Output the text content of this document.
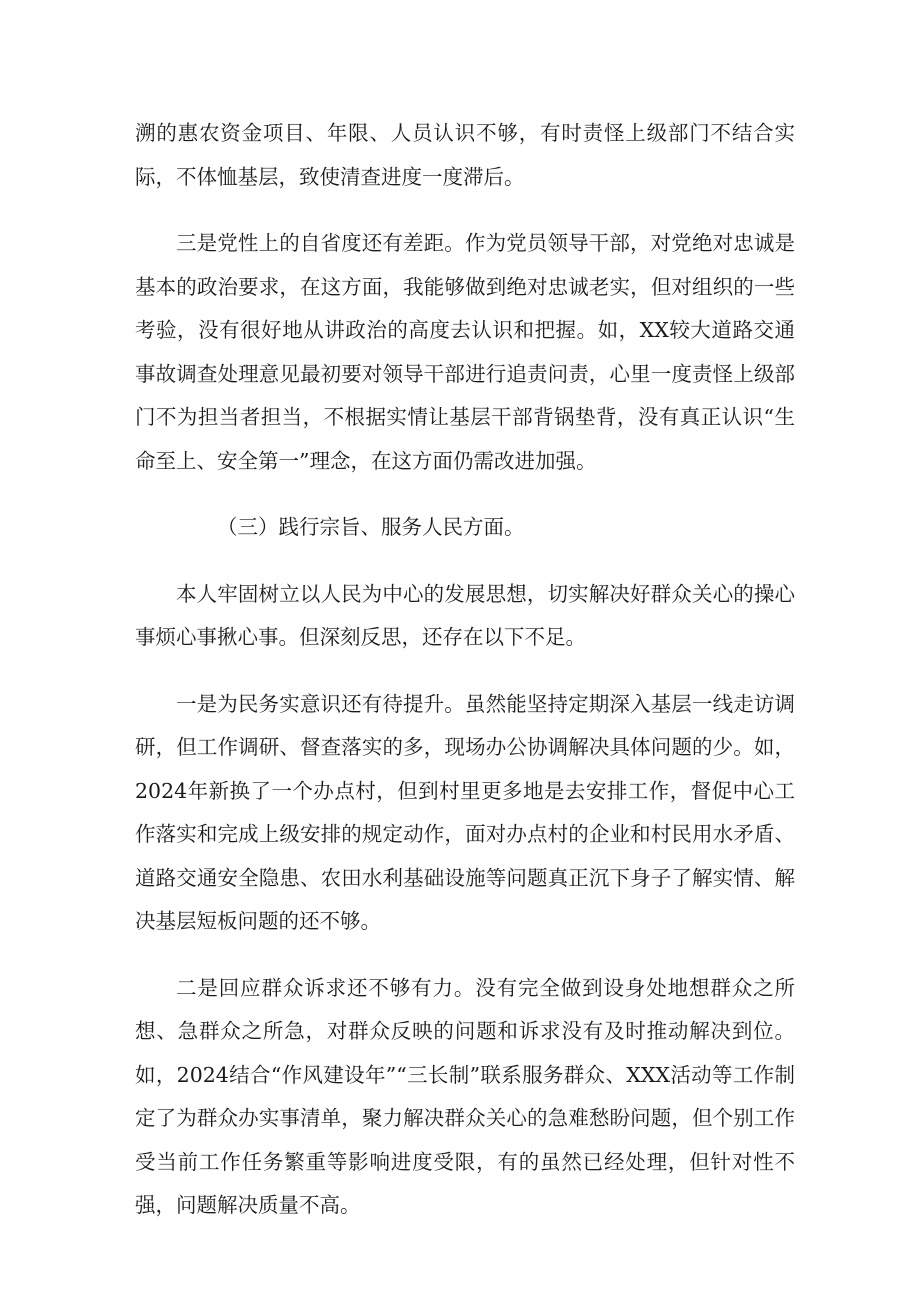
溯的惠农资金项目、年限、人员认识不够，有时责怪上级部门不结合实际，不体恤基层，致使清查进度一度滞后。

三是党性上的自省度还有差距。作为党员领导干部，对党绝对忠诚是基本的政治要求，在这方面，我能够做到绝对忠诚老实，但对组织的一些考验，没有很好地从讲政治的高度去认识和把握。如，XX较大道路交通事故调查处理意见最初要对领导干部进行追责问责，心里一度责怪上级部门不为担当者担当，不根据实情让基层干部背锅垫背，没有真正认识“生命至上、安全第一”理念，在这方面仍需改进加强。

（三）践行宗旨、服务人民方面。

本人牢固树立以人民为中心的发展思想，切实解决好群众关心的操心事烦心事揪心事。但深刻反思，还存在以下不足。

一是为民务实意识还有待提升。虽然能坚持定期深入基层一线走访调研，但工作调研、督查落实的多，现场办公协调解决具体问题的少。如，2024年新换了一个办点村，但到村里更多地是去安排工作，督促中心工作落实和完成上级安排的规定动作，面对办点村的企业和村民用水矛盾、道路交通安全隐患、农田水利基础设施等问题真正沉下身子了解实情、解决基层短板问题的还不够。

二是回应群众诉求还不够有力。没有完全做到设身处地想群众之所想、急群众之所急，对群众反映的问题和诉求没有及时推动解决到位。如，2024结合“作风建设年”“三长制”联系服务群众、XXX活动等工作制定了为群众办实事清单，聚力解决群众关心的急难愁盼问题，但个别工作受当前工作任务繁重等影响进度受限，有的虽然已经处理，但针对性不强，问题解决质量不高。
